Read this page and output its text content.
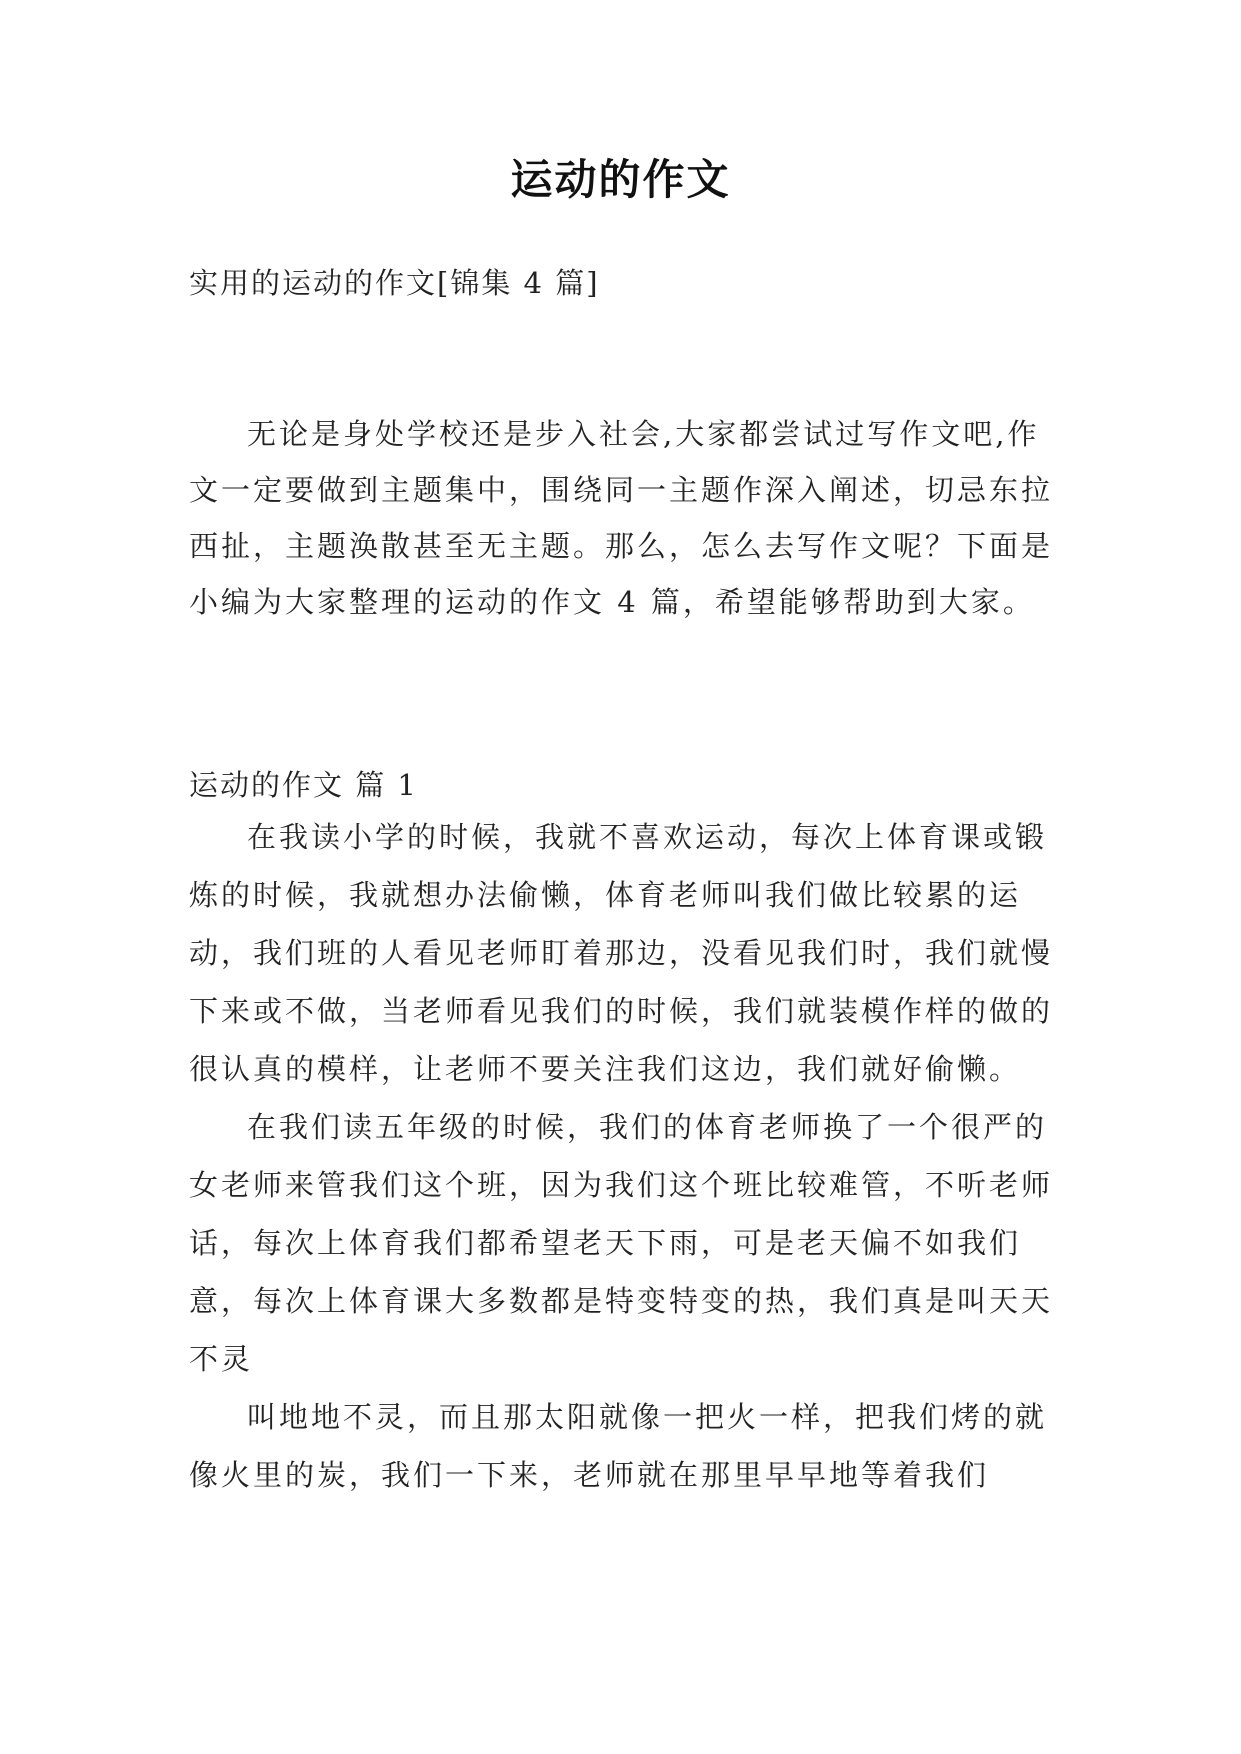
运动的作文
实用的运动的作文[锦集 4 篇]

无论是身处学校还是步入社会,大家都尝试过写作文吧,作文一定要做到主题集中，围绕同一主题作深入阐述，切忌东拉西扯，主题涣散甚至无主题。那么，怎么去写作文呢？下面是小编为大家整理的运动的作文 4 篇，希望能够帮助到大家。

运动的作文 篇 1

在我读小学的时候，我就不喜欢运动，每次上体育课或锻炼的时候，我就想办法偷懒，体育老师叫我们做比较累的运动，我们班的人看见老师盯着那边，没看见我们时，我们就慢下来或不做，当老师看见我们的时候，我们就装模作样的做的很认真的模样，让老师不要关注我们这边，我们就好偷懒。

在我们读五年级的时候，我们的体育老师换了一个很严的女老师来管我们这个班，因为我们这个班比较难管，不听老师话，每次上体育我们都希望老天下雨，可是老天偏不如我们意，每次上体育课大多数都是特变特变的热，我们真是叫天天不灵

叫地地不灵，而且那太阳就像一把火一样，把我们烤的就像火里的炭，我们一下来，老师就在那里早早地等着我们
